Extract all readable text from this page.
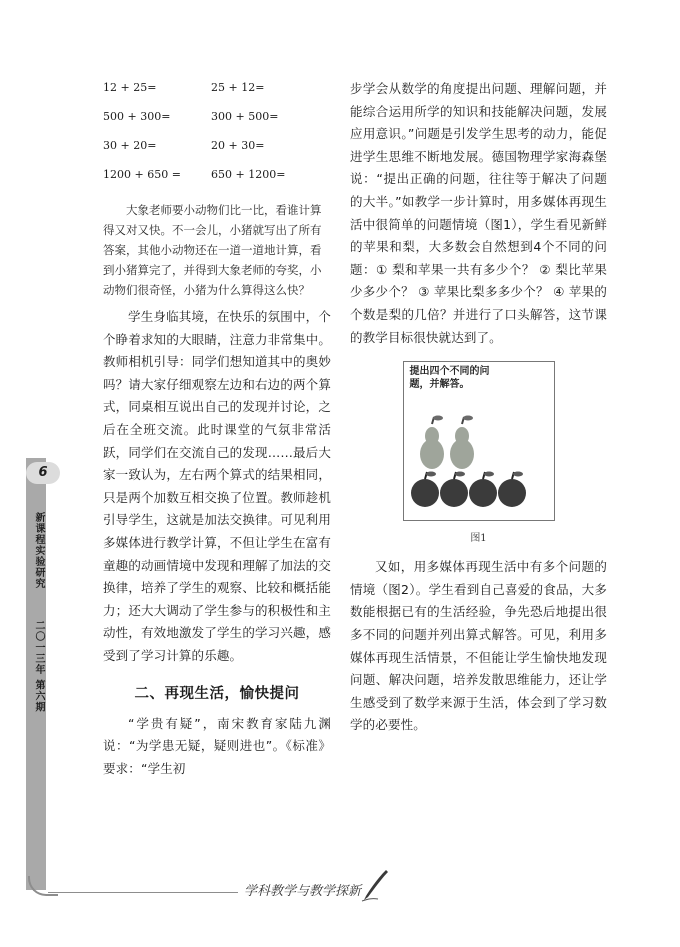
6
新课程实验研究
二〇一三年 第六期
学科教学与教学探新
12 + 25=	25 + 12=
500 + 300=	300 + 500=
30 + 20=	20 + 30=
1200 + 650 =	650 + 1200=

大象老师要小动物们比一比，看谁计算得又对又快。不一会儿，小猪就写出了所有答案，其他小动物还在一道一道地计算，看到小猪算完了，并得到大象老师的夸奖，小动物们很奇怪，小猪为什么算得这么快？

学生身临其境，在快乐的氛围中，个个睁着求知的大眼睛，注意力非常集中。教师相机引导：同学们想知道其中的奥妙吗？请大家仔细观察左边和右边的两个算式，同桌相互说出自己的发现并讨论，之后在全班交流。此时课堂的气氛非常活跃，同学们在交流自己的发现……最后大家一致认为，左右两个算式的结果相同，只是两个加数互相交换了位置。教师趁机引导学生，这就是加法交换律。可见利用多媒体进行教学计算，不但让学生在富有童趣的动画情境中发现和理解了加法的交换律，培养了学生的观察、比较和概括能力；还大大调动了学生参与的积极性和主动性，有效地激发了学生的学习兴趣，感受到了学习计算的乐趣。

二、再现生活，愉快提问

“学贵有疑”，南宋教育家陆九渊说：“为学患无疑，疑则进也”。《标准》要求：“学生初

步学会从数学的角度提出问题、理解问题，并能综合运用所学的知识和技能解决问题，发展应用意识。”问题是引发学生思考的动力，能促进学生思维不断地发展。德国物理学家海森堡说：“提出正确的问题，往往等于解决了问题的大半。”如教学一步计算时，用多媒体再现生活中很简单的问题情境（图1），学生看见新鲜的苹果和梨，大多数会自然想到4个不同的问题：① 梨和苹果一共有多少个？ ② 梨比苹果少多少个？ ③ 苹果比梨多多少个？ ④ 苹果的个数是梨的几倍？并进行了口头解答，这节课的教学目标很快就达到了。

提出四个不同的问题，并解答。
图1

又如，用多媒体再现生活中有多个问题的情境（图2）。学生看到自己喜爱的食品，大多数能根据已有的生活经验，争先恐后地提出很多不同的问题并列出算式解答。可见，利用多媒体再现生活情景，不但能让学生愉快地发现问题、解决问题，培养发散思维能力，还让学生感受到了数学来源于生活，体会到了学习数学的必要性。
